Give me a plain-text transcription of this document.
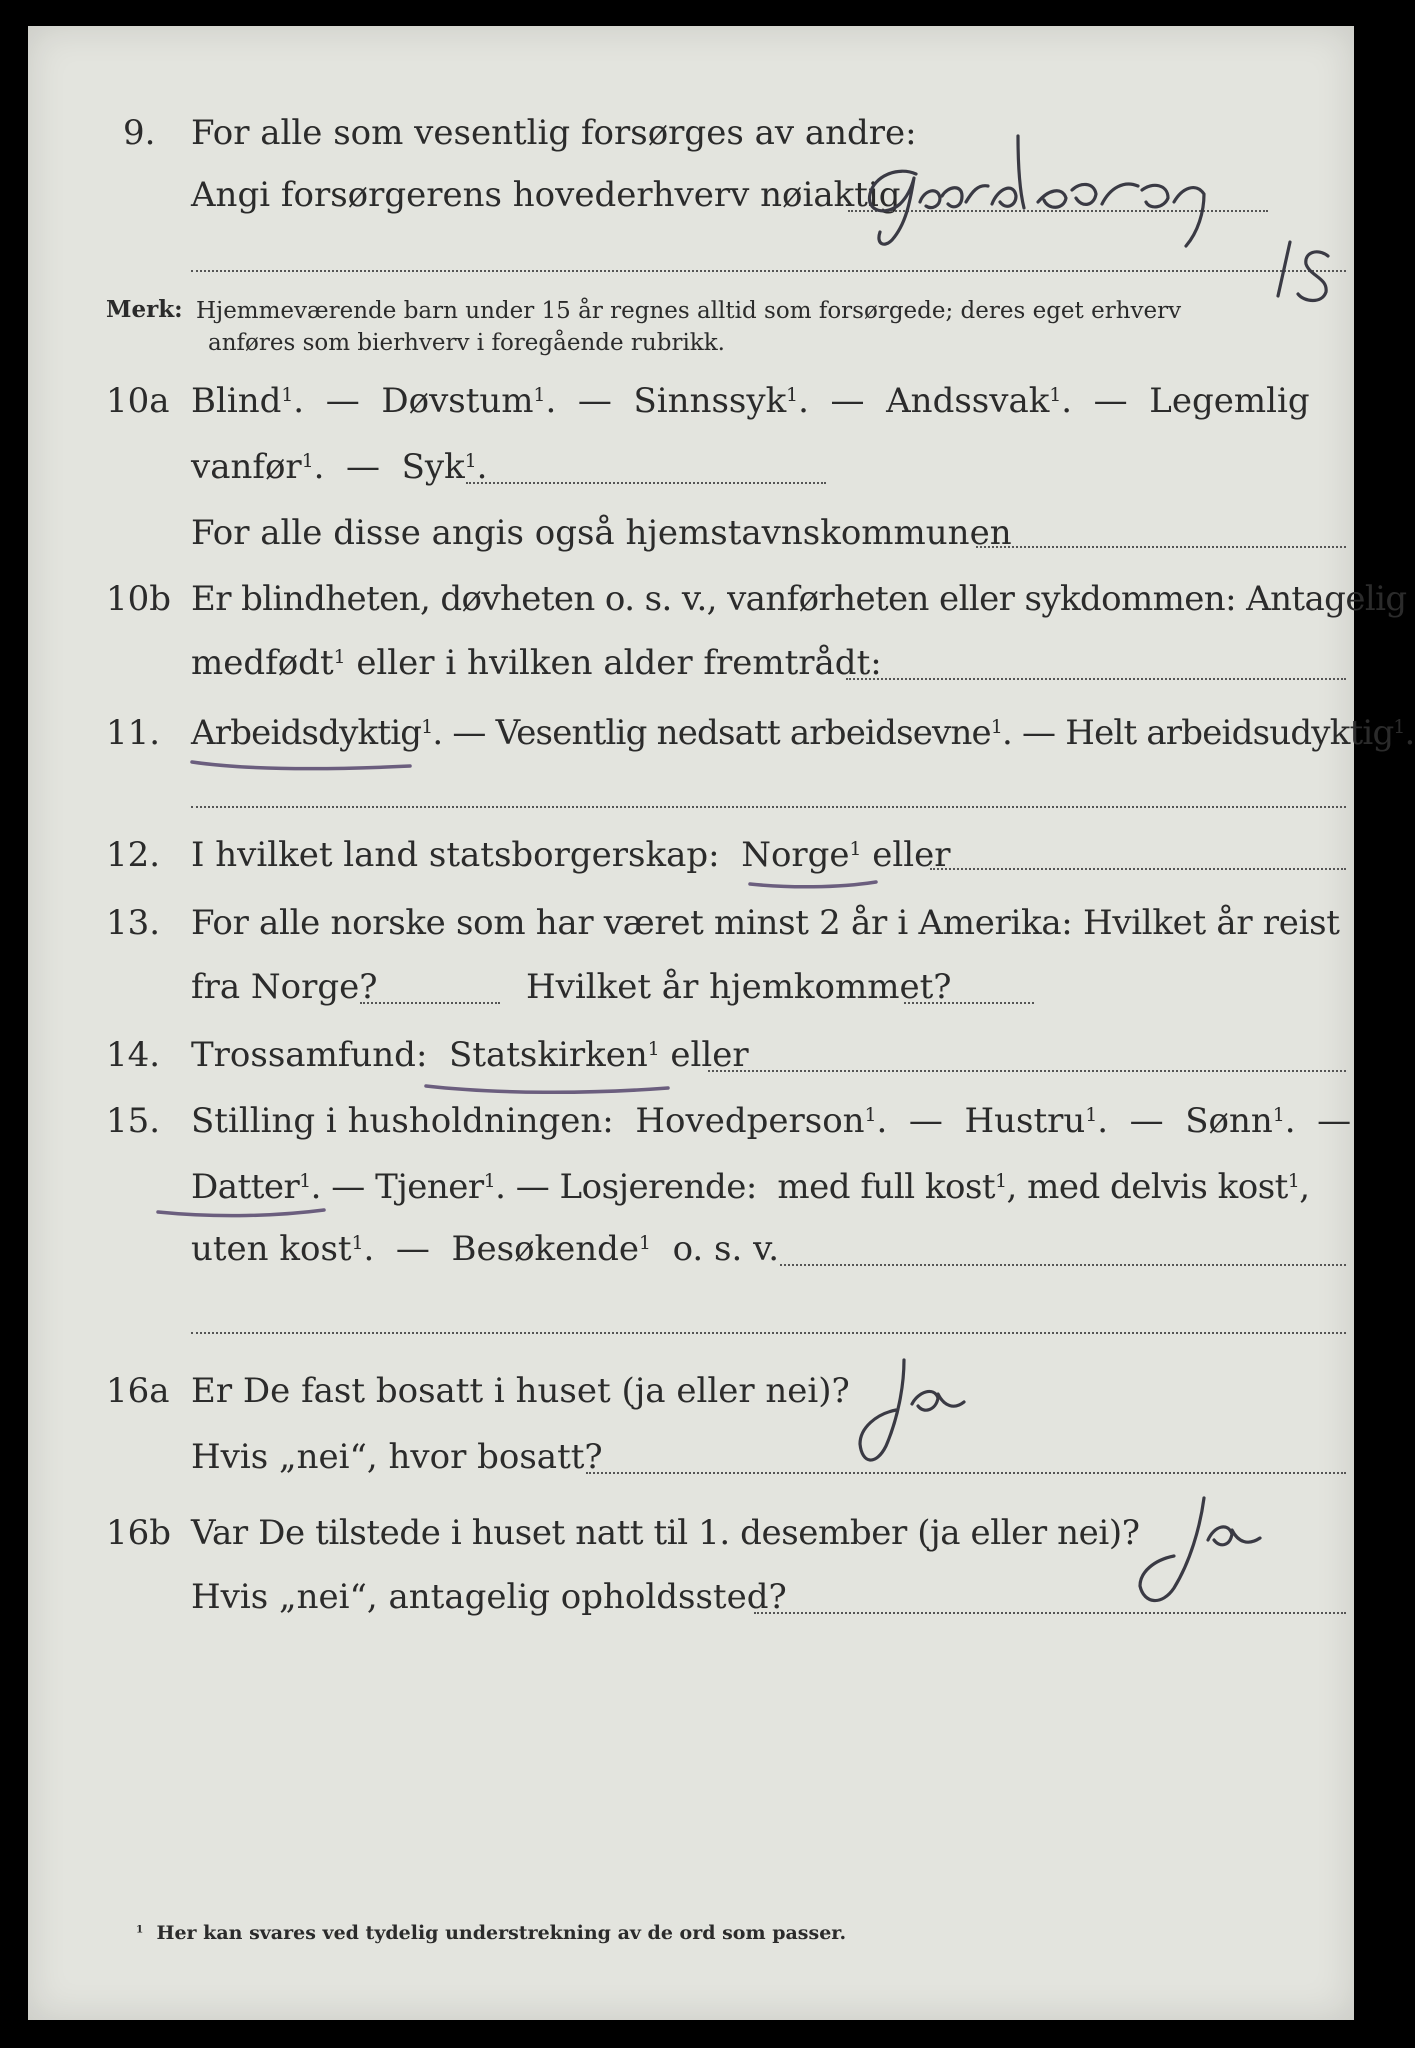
9. For alle som vesentlig forsørges av andre:
Angi forsørgerens hovederhverv nøiaktig
Merk: Hjemmeværende barn under 15 år regnes alltid som forsørgede; deres eget erhverv
anføres som bierhverv i foregående rubrikk.
10a Blind$^1$.  — Døvstum$^1$.  — Sinnssyk$^1$.  — Andssvak$^1$.  — Legemlig
vanfør$^1$.  — Syk$^1$.
For alle disse angis også hjemstavnskommunen
10b Er blindheten, døvheten o. s. v., vanførheten eller sykdommen: Antagelig
medfødt$^1$ eller i hvilken alder fremtrådt:
11. Arbeidsdyktig$^1$. — Vesentlig nedsatt arbeidsevne$^1$. — Helt arbeidsudyktig$^1$.
12. I hvilket land statsborgerskap: Norge$^1$ eller
13. For alle norske som har været minst 2 år i Amerika: Hvilket år reist
fra Norge?	Hvilket år hjemkommet?
14. Trossamfund: Statskirken$^1$ eller
15. Stilling i husholdningen: Hovedperson$^1$.  —  Hustru$^1$.  —  Sønn$^1$.  —
Datter$^1$. — Tjener$^1$. — Losjerende: med full kost$^1$, med delvis kost$^1$,
uten kost$^1$.  —  Besøkende$^1$ o. s. v.
16a Er De fast bosatt i huset (ja eller nei)?
Hvis „nei“, hvor bosatt?
16b Var De tilstede i huset natt til 1. desember (ja eller nei)?
Hvis „nei“, antagelig opholdssted?
$^1$ Her kan svares ved tydelig understrekning av de ord som passer.
